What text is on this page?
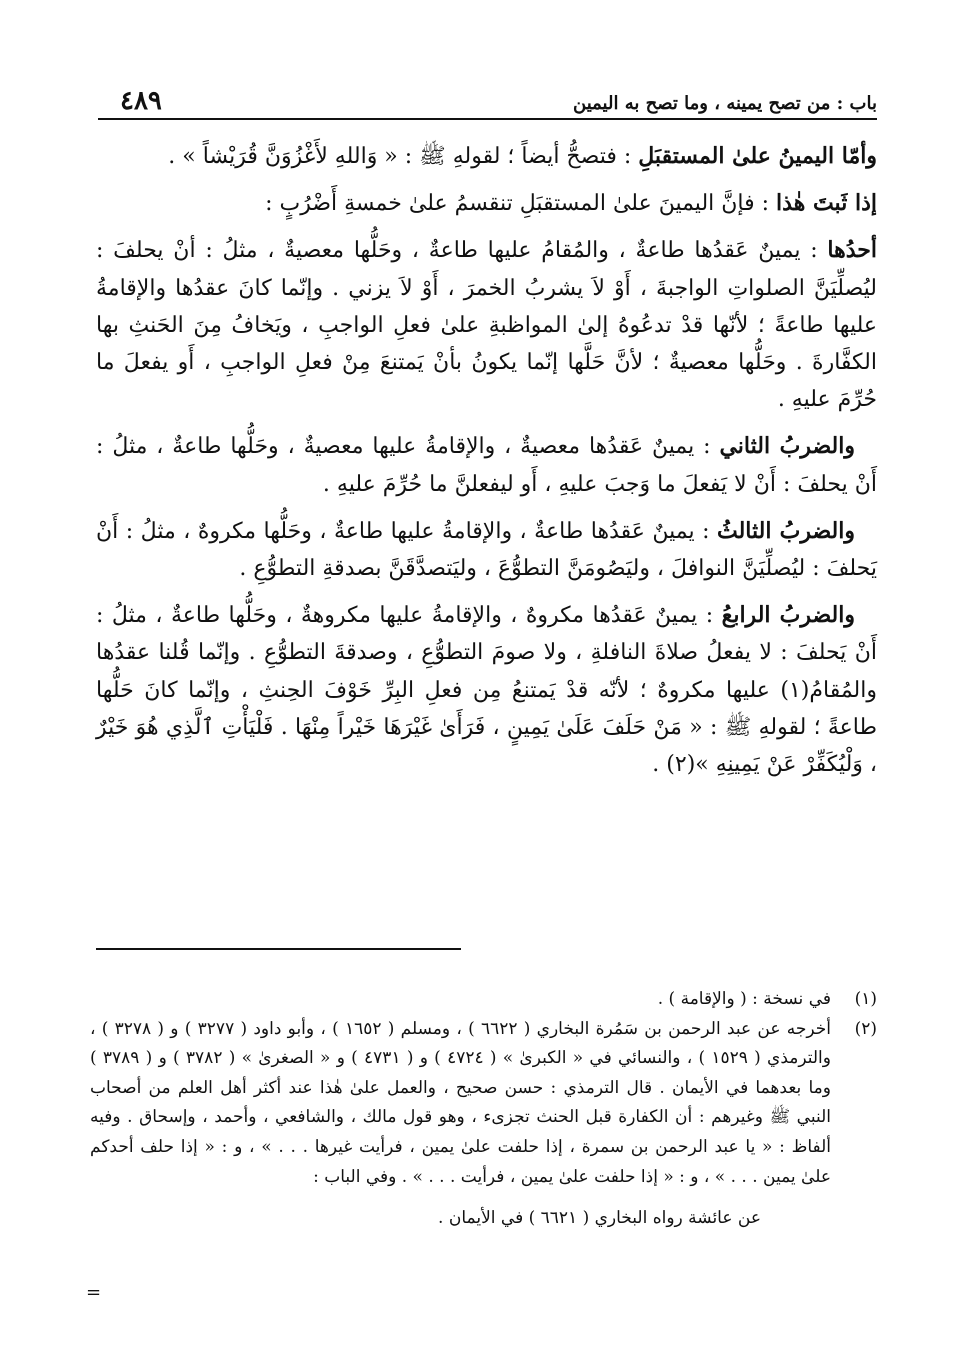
باب : من تصح يمينه ، وما تصح به اليمين
٤٨٩

وأمّا اليمينُ علىٰ المستقبَلِ : فتصحُّ أيضاً ؛ لقولهِ ﷺ : « وَاللهِ لأَغْزُوَنَّ قُرَيْشاً » .

إذا ثَبتَ هٰذا : فإنَّ اليمينَ علىٰ المستقبَلِ تنقسمُ علىٰ خمسةِ أَضْرُبٍ :

أحدُها : يمينٌ عَقدُها طاعةٌ ، والمُقامُ عليها طاعةٌ ، وحَلُّها معصيةٌ ، مثلُ : أنْ يحلفَ : ليُصلِّيَنَّ الصلواتِ الواجبةَ ، أَوْ لاَ يشربُ الخمرَ ، أَوْ لاَ يزني . وإنّما كانَ عقدُها والإقامةُ عليها طاعةً ؛ لأنّها قدْ تدعُوهُ إلىٰ المواظبةِ علىٰ فعلِ الواجبِ ، ويَخافُ مِنَ الحَنثِ بها الكفَّارةَ . وحَلُّها معصيةٌ ؛ لأنَّ حَلَّها إنّما يكونُ بأنْ يَمتنعَ مِنْ فعلِ الواجبِ ، أَو يفعلَ ما حُرِّمَ عليهِ .

والضربُ الثاني : يمينٌ عَقدُها معصيةٌ ، والإقامةُ عليها معصيةٌ ، وحَلُّها طاعةٌ ، مثلُ : أَنْ يحلفَ : أَنْ لا يَفعلَ ما وَجبَ عليهِ ، أَو ليفعلنَّ ما حُرِّمَ عليهِ .

والضربُ الثالثُ : يمينٌ عَقدُها طاعةٌ ، والإقامةُ عليها طاعةٌ ، وحَلُّها مكروهٌ ، مثلُ : أَنْ يَحلفَ : ليُصلِّيَنَّ النوافلَ ، وليَصُومَنَّ التطوُّعَ ، وليَتصدَّقَنَّ بصدقةِ التطوُّعِ .

والضربُ الرابعُ : يمينٌ عَقدُها مكروهٌ ، والإقامةُ عليها مكروهةٌ ، وحَلُّها طاعةٌ ، مثلُ : أَنْ يَحلفَ : لا يفعلُ صلاةَ النافلةِ ، ولا صومَ التطوُّعِ ، وصدقةَ التطوُّعِ . وإنّما قُلنا عقدُها والمُقامُ(١) عليها مكروهٌ ؛ لأنّه قدْ يَمتنعُ مِن فعلِ البِرِّ خَوْفَ الحِنثِ ، وإنّما كانَ حَلُّها طاعةً ؛ لقولهِ ﷺ : « مَنْ حَلَفَ عَلَىٰ يَمِينٍ ، فَرَأَىٰ غَيْرَهَا خَيْراً مِنْهَا . فَلْيَأْتِ ٱلَّذِي هُوَ خَيْرٌ ، وَلْيُكَفِّرْ عَنْ يَمِينِهِ »(٢) .

(١)
في نسخة : ( والإقامة ) .
(٢)
أخرجه عن عبد الرحمن بن سَمُرة البخاري ( ٦٦٢٢ ) ، ومسلم ( ١٦٥٢ ) ، وأبو داود ( ٣٢٧٧ ) و ( ٣٢٧٨ ) ، والترمذي ( ١٥٢٩ ) ، والنسائي في « الكبرىٰ » ( ٤٧٢٤ ) و ( ٤٧٣١ ) و « الصغرىٰ » ( ٣٧٨٢ ) و ( ٣٧٨٩ ) وما بعدهما في الأيمان . قال الترمذي : حسن صحيح ، والعمل علىٰ هٰذا عند أكثر أهل العلم من أصحاب النبي ﷺ وغيرهم : أن الكفارة قبل الحنث تجزىء ، وهو قول مالك ، والشافعي ، وأحمد ، وإسحاق . وفيه ألفاظ : « يا عبد الرحمن بن سمرة ، إذا حلفت علىٰ يمين ، فرأيت غيرها . . . » ، و : « إذا حلف أحدكم علىٰ يمين . . . » ، و : « إذا حلفت علىٰ يمين ، فرأيت . . . » . وفي الباب :
عن عائشة رواه البخاري ( ٦٦٢١ ) في الأيمان .
=
